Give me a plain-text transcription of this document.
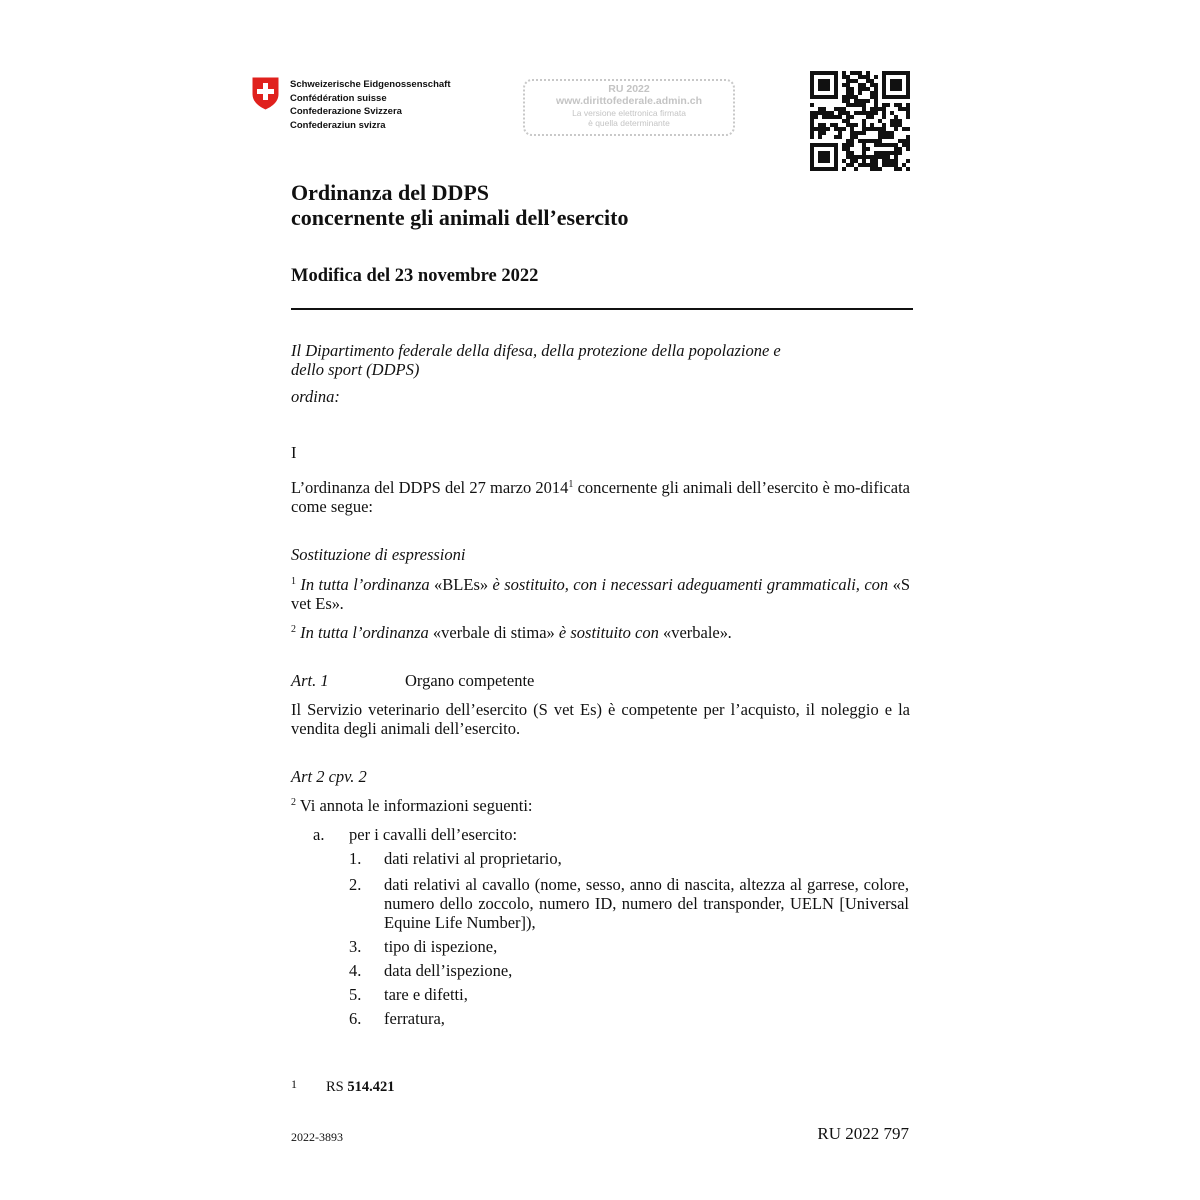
Schweizerische Eidgenossenschaft
Confédération suisse
Confederazione Svizzera
Confederaziun svizra
RU 2022
www.dirittofederale.admin.ch
La versione elettronica firmata
è quella determinante
Ordinanza del DDPS
concernente gli animali dell’esercito
Modifica del 23 novembre 2022
Il Dipartimento federale della difesa, della protezione della popolazione e
dello sport (DDPS)
ordina:
I
L’ordinanza del DDPS del 27 marzo 2014$^1$ concernente gli animali dell’esercito è mo-dificata come segue:
Sostituzione di espressioni
$^1$ In tutta l’ordinanza «BLEs» è sostituito, con i necessari adeguamenti grammaticali, con «S vet Es».
$^2$ In tutta l’ordinanza «verbale di stima» è sostituito con «verbale».
Art. 1	Organo competente
Il Servizio veterinario dell’esercito (S vet Es) è competente per l’acquisto, il noleggio e la vendita degli animali dell’esercito.
Art 2 cpv. 2
$^2$ Vi annota le informazioni seguenti:
a. per i cavalli dell’esercito:
1. dati relativi al proprietario,
2. dati relativi al cavallo (nome, sesso, anno di nascita, altezza al garrese, colore, numero dello zoccolo, numero ID, numero del transponder, UELN [Universal Equine Life Number]),
3. tipo di ispezione,
4. data dell’ispezione,
5. tare e difetti,
6. ferratura,
1 RS 514.421
2022-3893	RU 2022 797
